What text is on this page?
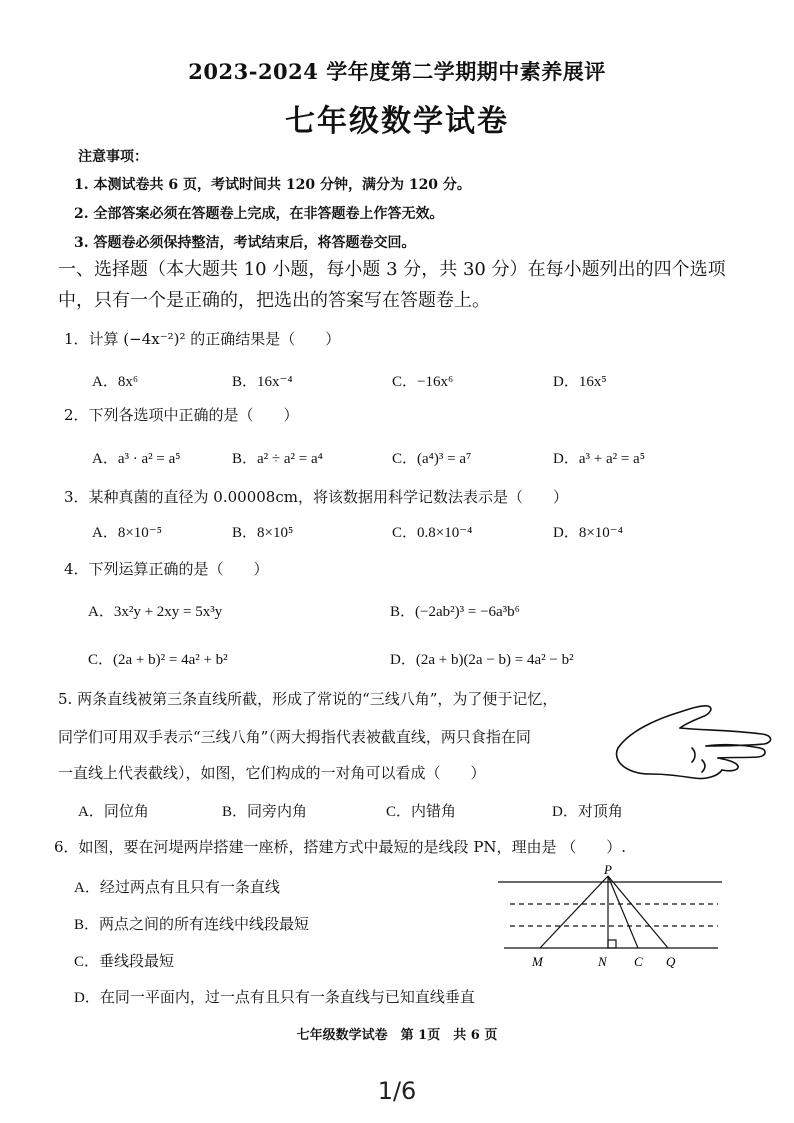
2023-2024 学年度第二学期期中素养展评
七年级数学试卷
注意事项：
1. 本测试卷共 6 页，考试时间共 120 分钟，满分为 120 分。
2. 全部答案必须在答题卷上完成，在非答题卷上作答无效。
3. 答题卷必须保持整洁，考试结束后，将答题卷交回。
一、选择题（本大题共 10 小题，每小题 3 分，共 30 分）在每小题列出的四个选项
中，只有一个是正确的，把选出的答案写在答题卷上。
1．计算 (−4x⁻²)² 的正确结果是（　　）
A．8x⁶	B．16x⁻⁴	C．−16x⁶	D．16x⁵
2．下列各选项中正确的是（　　）
A．a³ · a² = a⁵	B．a² ÷ a² = a⁴	C．(a⁴)³ = a⁷	D．a³ + a² = a⁵
3．某种真菌的直径为 0.00008cm，将该数据用科学记数法表示是（　　）
A．8×10⁻⁵	B．8×10⁵	C．0.8×10⁻⁴	D．8×10⁻⁴
4．下列运算正确的是（　　）
A．3x²y + 2xy = 5x³y	B．(−2ab²)³ = −6a³b⁶
C．(2a + b)² = 4a² + b²	D．(2a + b)(2a − b) = 4a² − b²
5. 两条直线被第三条直线所截，形成了常说的“三线八角”，为了便于记忆，
同学们可用双手表示“三线八角”（两大拇指代表被截直线，两只食指在同
一直线上代表截线），如图，它们构成的一对角可以看成（　　）
A．同位角	B．同旁内角	C．内错角	D．对顶角
6．如图，要在河堤两岸搭建一座桥，搭建方式中最短的是线段 PN，理由是 （　　）.
A．经过两点有且只有一条直线
B．两点之间的所有连线中线段最短
C．垂线段最短
D．在同一平面内，过一点有且只有一条直线与已知直线垂直
P
M	N C Q
七年级数学试卷　第 1页　共 6 页
1/6
